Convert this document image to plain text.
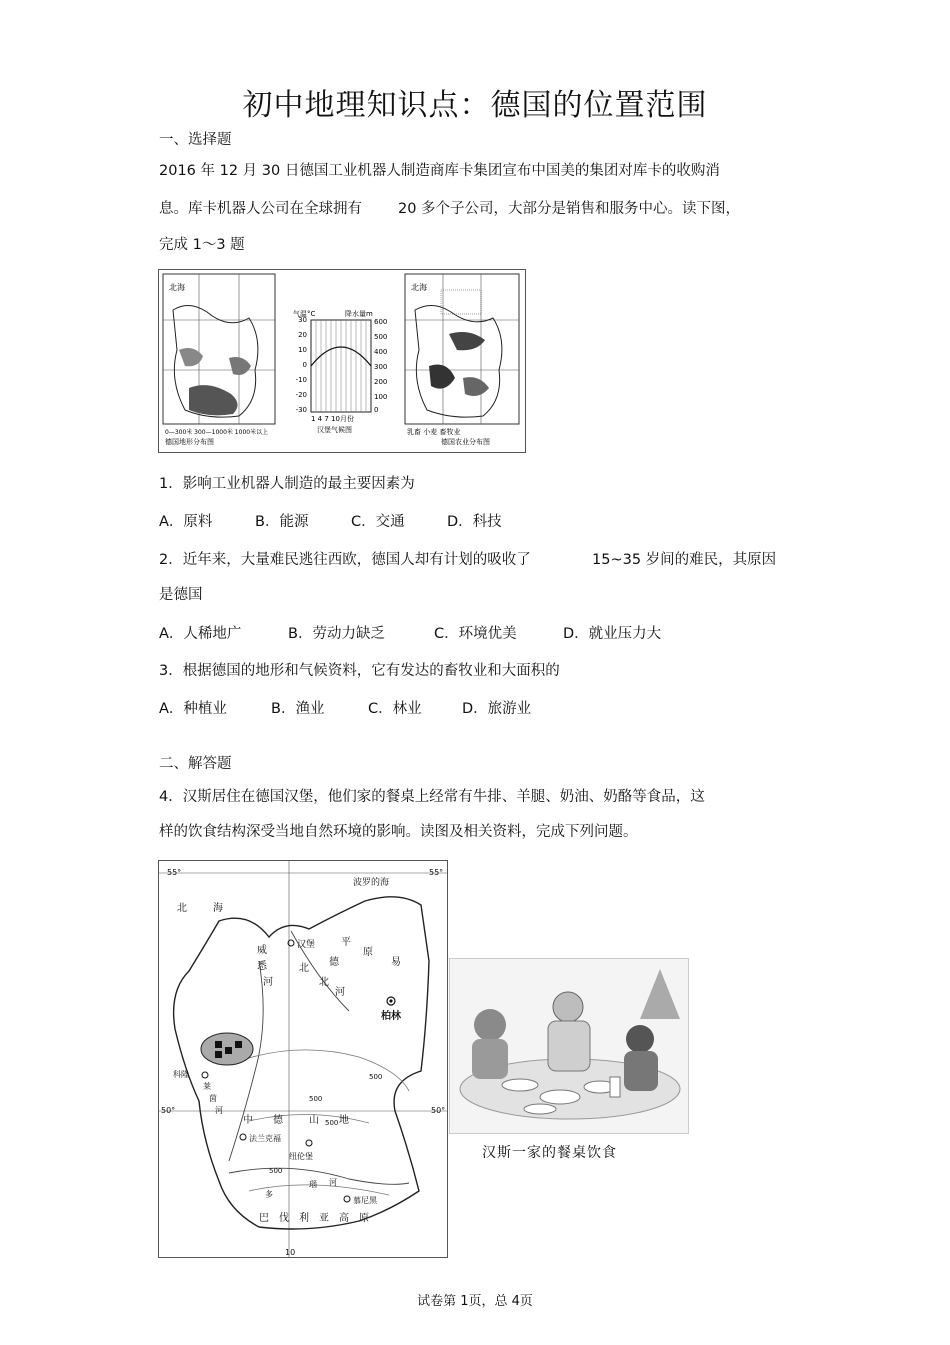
初中地理知识点：德国的位置范围
一、选择题
2016 年 12 月 30 日德国工业机器人制造商库卡集团宣布中国美的集团对库卡的收购消
息。库卡机器人公司在全球拥有 20 多个子公司，大部分是销售和服务中心。读下图，
完成 1～3 题
北海
0—300米 300—1000米 1000米以上
德国地形分布图
气温°C	降水量m
30
20
10
0
-10
-20
-30
600
500
400
300
200
100
0
1 4 7 10月份
汉堡气候图
北海
乳畜 小麦 畜牧业
德国农业分布图
1．影响工业机器人制造的最主要因素为
A．原料	B．能源	C．交通	D．科技
2．近年来，大量难民逃往西欧，德国人却有计划的吸收了	15~35 岁间的难民，其原因
是德国
A．人稀地广	B．劳动力缺乏	C．环境优美	D．就业压力大
3．根据德国的地形和气候资料，它有发达的畜牧业和大面积的
A．种植业	B．渔业	C．林业	D．旅游业
二、解答题
4．汉斯居住在德国汉堡，他们家的餐桌上经常有牛排、羊腿、奶油、奶酪等食品，这
样的饮食结构深受当地自然环境的影响。读图及相关资料，完成下列问题。
55°	55°
50°	50°
10
北	海
波罗的海
汉堡
北
德
平
原
威
悉
河
易
北
河
柏林
科隆
中 德	山 地
法兰克福
纽伦堡
慕尼黑
巴 伐 利 亚 高 原
莱
茵
河
多
瑙 河
500
500
500
500
汉斯一家的餐桌饮食
试卷第 1页，总 4页
